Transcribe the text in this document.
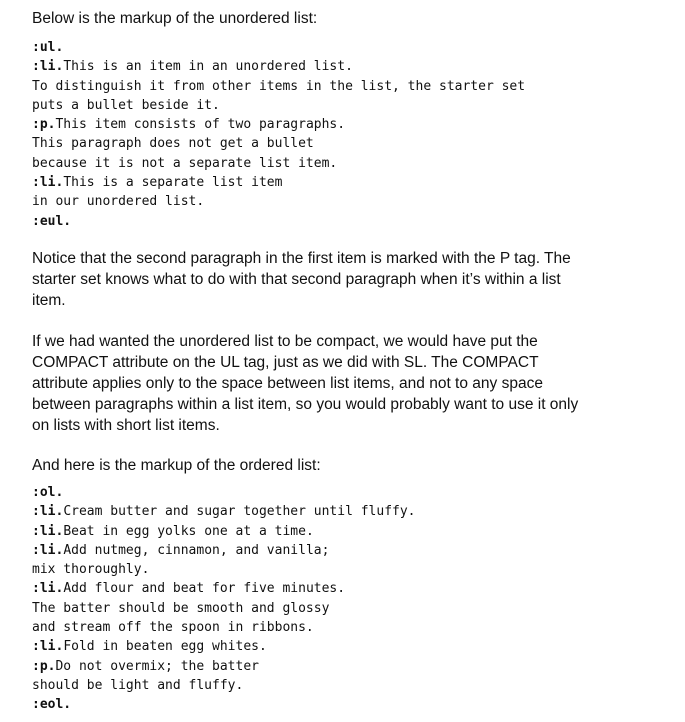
Below is the markup of the unordered list:

:ul.
:li.This is an item in an unordered list.
To distinguish it from other items in the list, the starter set
puts a bullet beside it.
:p.This item consists of two paragraphs.
This paragraph does not get a bullet
because it is not a separate list item.
:li.This is a separate list item
in our unordered list.
:eul.
Notice that the second paragraph in the first item is marked with the P tag. The
starter set knows what to do with that second paragraph when it’s within a list
item.
If we had wanted the unordered list to be compact, we would have put the
COMPACT attribute on the UL tag, just as we did with SL. The COMPACT
attribute applies only to the space between list items, and not to any space
between paragraphs within a list item, so you would probably want to use it only
on lists with short list items.

And here is the markup of the ordered list:

:ol.
:li.Cream butter and sugar together until fluffy.
:li.Beat in egg yolks one at a time.
:li.Add nutmeg, cinnamon, and vanilla;
mix thoroughly.
:li.Add flour and beat for five minutes.
The batter should be smooth and glossy
and stream off the spoon in ribbons.
:li.Fold in beaten egg whites.
:p.Do not overmix; the batter
should be light and fluffy.
:eol.
